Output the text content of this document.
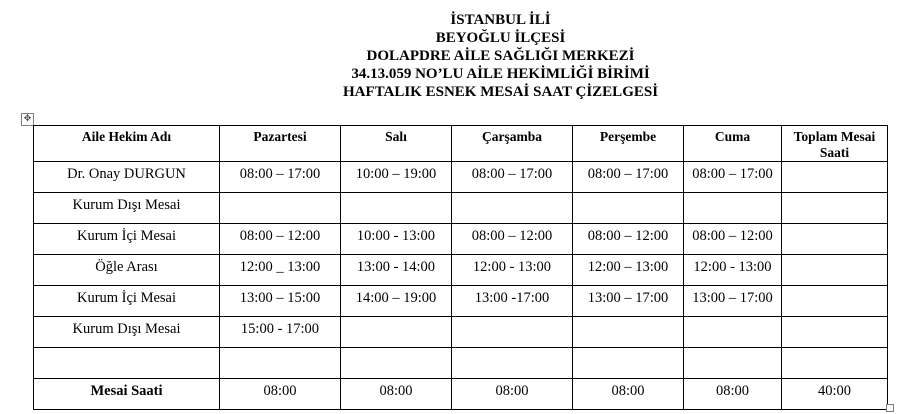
İSTANBUL İLİ
BEYOĞLU İLÇESİ
DOLAPDRE AİLE SAĞLIĞI MERKEZİ
34.13.059 NO’LU AİLE HEKİMLİĞİ BİRİMİ
HAFTALIK ESNEK MESAİ SAAT ÇİZELGESİ
✥
Aile Hekim Adı	Pazartesi	Salı	Çarşamba	Perşembe	Cuma	Toplam Mesai Saati
Dr. Onay DURGUN	08:00 – 17:00	10:00 – 19:00	08:00 – 17:00	08:00 – 17:00	08:00 – 17:00	
Kurum Dışı Mesai						
Kurum İçi Mesai	08:00 – 12:00	10:00 - 13:00	08:00 – 12:00	08:00 – 12:00	08:00 – 12:00	
Öğle Arası	12:00 _ 13:00	13:00 - 14:00	12:00 - 13:00	12:00 – 13:00	12:00 - 13:00	
Kurum İçi Mesai	13:00 – 15:00	14:00 – 19:00	13:00 -17:00	13:00 – 17:00	13:00 – 17:00	
Kurum Dışı Mesai	15:00 - 17:00					

Mesai Saati	08:00	08:00	08:00	08:00	08:00	40:00
